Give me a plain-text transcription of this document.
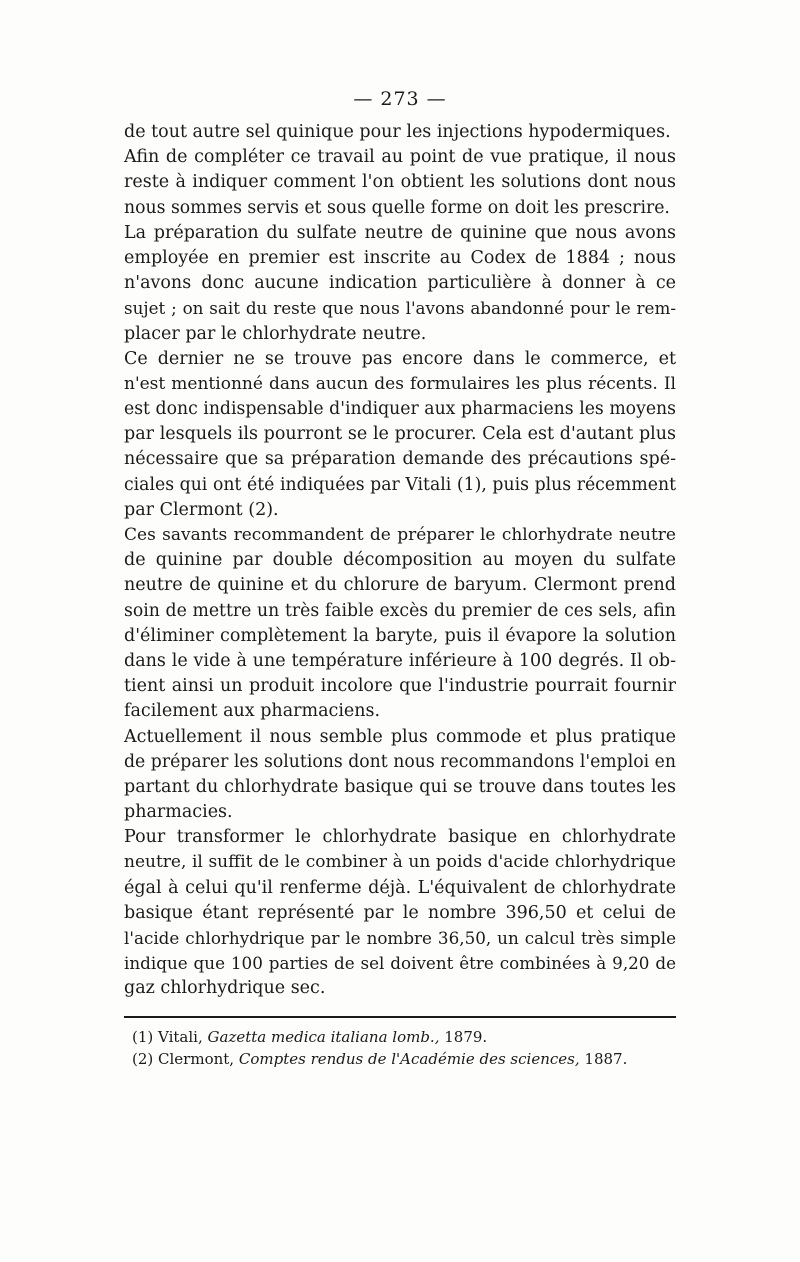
— 273 —
de tout autre sel quinique pour les injections hypodermiques.
Afin de compléter ce travail au point de vue pratique, il nous
reste à indiquer comment l'on obtient les solutions dont nous
nous sommes servis et sous quelle forme on doit les prescrire.
La préparation du sulfate neutre de quinine que nous avons
employée en premier est inscrite au Codex de 1884 ; nous
n'avons donc aucune indication particulière à donner à ce
sujet ; on sait du reste que nous l'avons abandonné pour le rem-
placer par le chlorhydrate neutre.
Ce dernier ne se trouve pas encore dans le commerce, et
n'est mentionné dans aucun des formulaires les plus récents. Il
est donc indispensable d'indiquer aux pharmaciens les moyens
par lesquels ils pourront se le procurer. Cela est d'autant plus
nécessaire que sa préparation demande des précautions spé-
ciales qui ont été indiquées par Vitali (1), puis plus récemment
par Clermont (2).
Ces savants recommandent de préparer le chlorhydrate neutre
de quinine par double décomposition au moyen du sulfate
neutre de quinine et du chlorure de baryum. Clermont prend
soin de mettre un très faible excès du premier de ces sels, afin
d'éliminer complètement la baryte, puis il évapore la solution
dans le vide à une température inférieure à 100 degrés. Il ob-
tient ainsi un produit incolore que l'industrie pourrait fournir
facilement aux pharmaciens.
Actuellement il nous semble plus commode et plus pratique
de préparer les solutions dont nous recommandons l'emploi en
partant du chlorhydrate basique qui se trouve dans toutes les
pharmacies.
Pour transformer le chlorhydrate basique en chlorhydrate
neutre, il suffit de le combiner à un poids d'acide chlorhydrique
égal à celui qu'il renferme déjà. L'équivalent de chlorhydrate
basique étant représenté par le nombre 396,50 et celui de
l'acide chlorhydrique par le nombre 36,50, un calcul très simple
indique que 100 parties de sel doivent être combinées à 9,20 de
gaz chlorhydrique sec.
(1) Vitali, Gazetta medica italiana lomb., 1879.
(2) Clermont, Comptes rendus de l'Académie des sciences, 1887.
